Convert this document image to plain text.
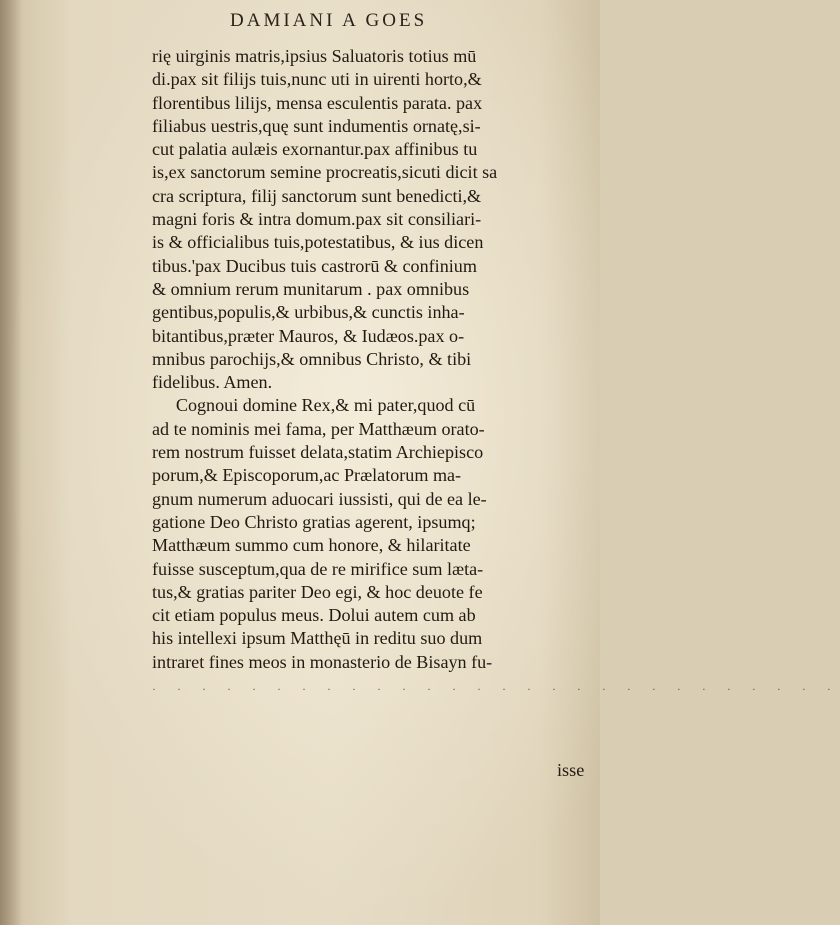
DAMIANI A GOES
rię uirginis matris,ipsius Saluatoris totius mū
di.pax sit filijs tuis,nunc uti in uirenti horto,&
florentibus lilijs, mensa esculentis parata. pax
filiabus uestris,quę sunt indumentis ornatę,si-
cut palatia aulæis exornantur.pax affinibus tu
is,ex sanctorum semine procreatis,sicuti dicit sa
cra scriptura, filij sanctorum sunt benedicti,&
magni foris & intra domum.pax sit consiliari-
is & officialibus tuis,potestatibus, & ius dicen
tibus.'pax Ducibus tuis castrorū & confinium
& omnium rerum munitarum . pax omnibus
gentibus,populis,& urbibus,& cunctis inha-
bitantibus,præter Mauros, & Iudæos.pax o-
mnibus parochijs,& omnibus Christo, & tibi
fidelibus. Amen.
Cognoui domine Rex,& mi pater,quod cū
ad te nominis mei fama, per Matthæum orato-
rem nostrum fuisset delata,statim Archiepisco
porum,& Episcoporum,ac Prælatorum ma-
gnum numerum aduocari iussisti, qui de ea le-
gatione Deo Christo gratias agerent, ipsumq;
Matthæum summo cum honore, & hilaritate
fuisse susceptum,qua de re mirifice sum læta-
tus,& gratias pariter Deo egi, & hoc deuote fe
cit etiam populus meus. Dolui autem cum ab
his intellexi ipsum Matthęū in reditu suo dum
intraret fines meos in monasterio de Bisayn fu-
· · · · · · · · · · · · · · · · · · · · · · · · · · · ·
isse
